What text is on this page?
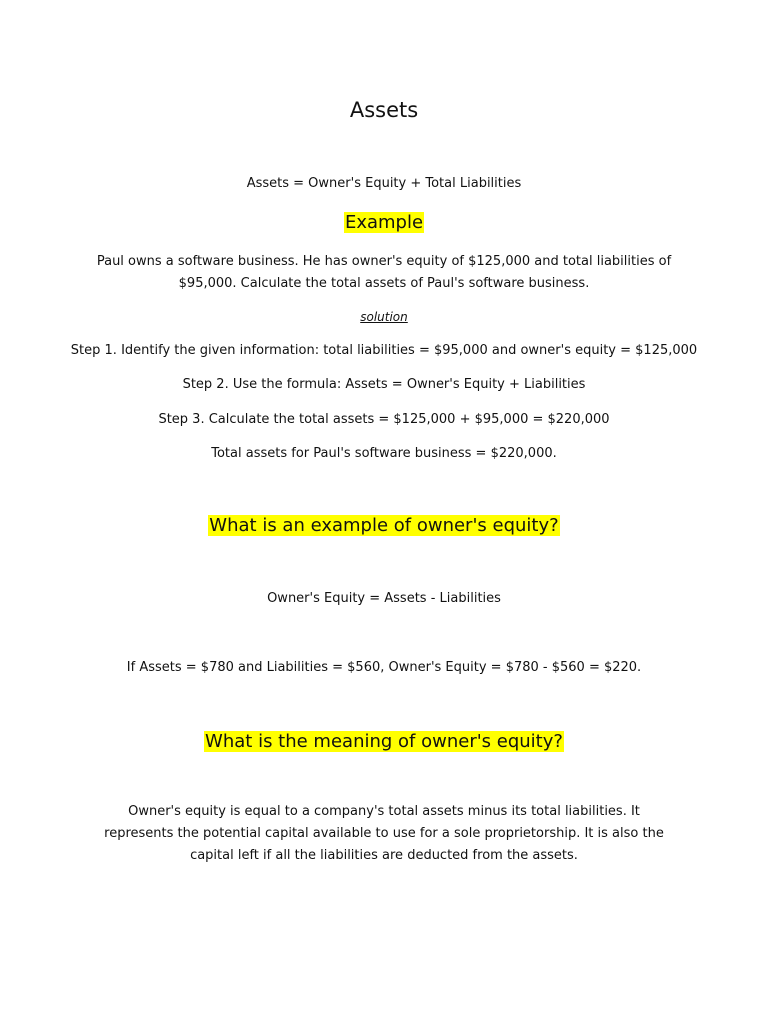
Assets
Assets = Owner's Equity + Total Liabilities
Example
Paul owns a software business. He has owner's equity of $125,000 and total liabilities of $95,000. Calculate the total assets of Paul's software business.
solution
Step 1. Identify the given information: total liabilities = $95,000 and owner's equity = $125,000
Step 2. Use the formula: Assets = Owner's Equity + Liabilities
Step 3. Calculate the total assets = $125,000 + $95,000 = $220,000
Total assets for Paul's software business = $220,000.
What is an example of owner's equity?
Owner's Equity = Assets - Liabilities
If Assets = $780 and Liabilities = $560, Owner's Equity = $780 - $560 = $220.
What is the meaning of owner's equity?
Owner's equity is equal to a company's total assets minus its total liabilities. It represents the potential capital available to use for a sole proprietorship. It is also the capital left if all the liabilities are deducted from the assets.
